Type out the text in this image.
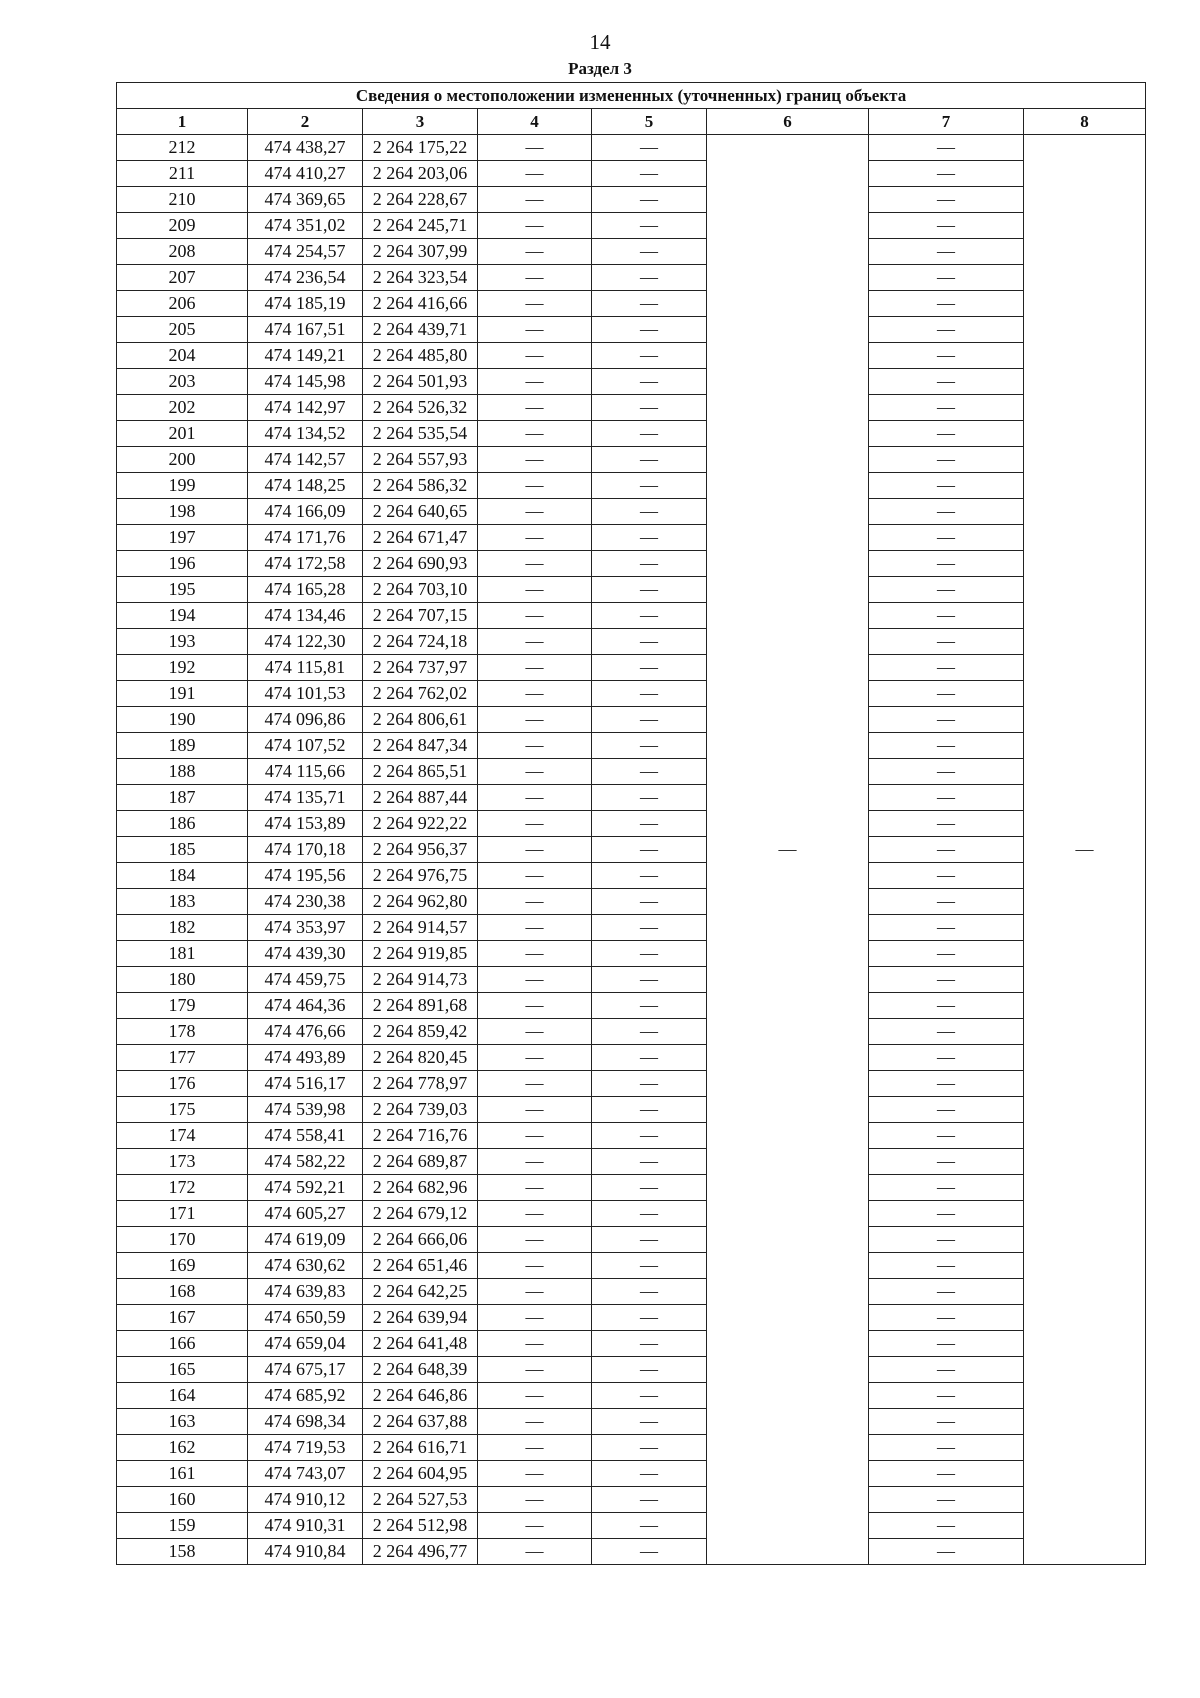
14
Раздел 3
Сведения о местоположении измененных (уточненных) границ объекта							
1	2	3	4	5	6	7	8
212	474 438,27	2 264 175,22	—	—	—	—	—
211	474 410,27	2 264 203,06	—	—		—	
210	474 369,65	2 264 228,67	—	—		—	
209	474 351,02	2 264 245,71	—	—		—	
208	474 254,57	2 264 307,99	—	—		—	
207	474 236,54	2 264 323,54	—	—		—	
206	474 185,19	2 264 416,66	—	—		—	
205	474 167,51	2 264 439,71	—	—		—	
204	474 149,21	2 264 485,80	—	—		—	
203	474 145,98	2 264 501,93	—	—		—	
202	474 142,97	2 264 526,32	—	—		—	
201	474 134,52	2 264 535,54	—	—		—	
200	474 142,57	2 264 557,93	—	—		—	
199	474 148,25	2 264 586,32	—	—		—	
198	474 166,09	2 264 640,65	—	—		—	
197	474 171,76	2 264 671,47	—	—		—	
196	474 172,58	2 264 690,93	—	—		—	
195	474 165,28	2 264 703,10	—	—		—	
194	474 134,46	2 264 707,15	—	—		—	
193	474 122,30	2 264 724,18	—	—		—	
192	474 115,81	2 264 737,97	—	—		—	
191	474 101,53	2 264 762,02	—	—		—	
190	474 096,86	2 264 806,61	—	—		—	
189	474 107,52	2 264 847,34	—	—		—	
188	474 115,66	2 264 865,51	—	—		—	
187	474 135,71	2 264 887,44	—	—		—	
186	474 153,89	2 264 922,22	—	—		—	
185	474 170,18	2 264 956,37	—	—		—	
184	474 195,56	2 264 976,75	—	—		—	
183	474 230,38	2 264 962,80	—	—		—	
182	474 353,97	2 264 914,57	—	—		—	
181	474 439,30	2 264 919,85	—	—		—	
180	474 459,75	2 264 914,73	—	—		—	
179	474 464,36	2 264 891,68	—	—		—	
178	474 476,66	2 264 859,42	—	—		—	
177	474 493,89	2 264 820,45	—	—		—	
176	474 516,17	2 264 778,97	—	—		—	
175	474 539,98	2 264 739,03	—	—		—	
174	474 558,41	2 264 716,76	—	—		—	
173	474 582,22	2 264 689,87	—	—		—	
172	474 592,21	2 264 682,96	—	—		—	
171	474 605,27	2 264 679,12	—	—		—	
170	474 619,09	2 264 666,06	—	—		—	
169	474 630,62	2 264 651,46	—	—		—	
168	474 639,83	2 264 642,25	—	—		—	
167	474 650,59	2 264 639,94	—	—		—	
166	474 659,04	2 264 641,48	—	—		—	
165	474 675,17	2 264 648,39	—	—		—	
164	474 685,92	2 264 646,86	—	—		—	
163	474 698,34	2 264 637,88	—	—		—	
162	474 719,53	2 264 616,71	—	—		—	
161	474 743,07	2 264 604,95	—	—		—	
160	474 910,12	2 264 527,53	—	—		—	
159	474 910,31	2 264 512,98	—	—		—	
158	474 910,84	2 264 496,77	—	—		—	
